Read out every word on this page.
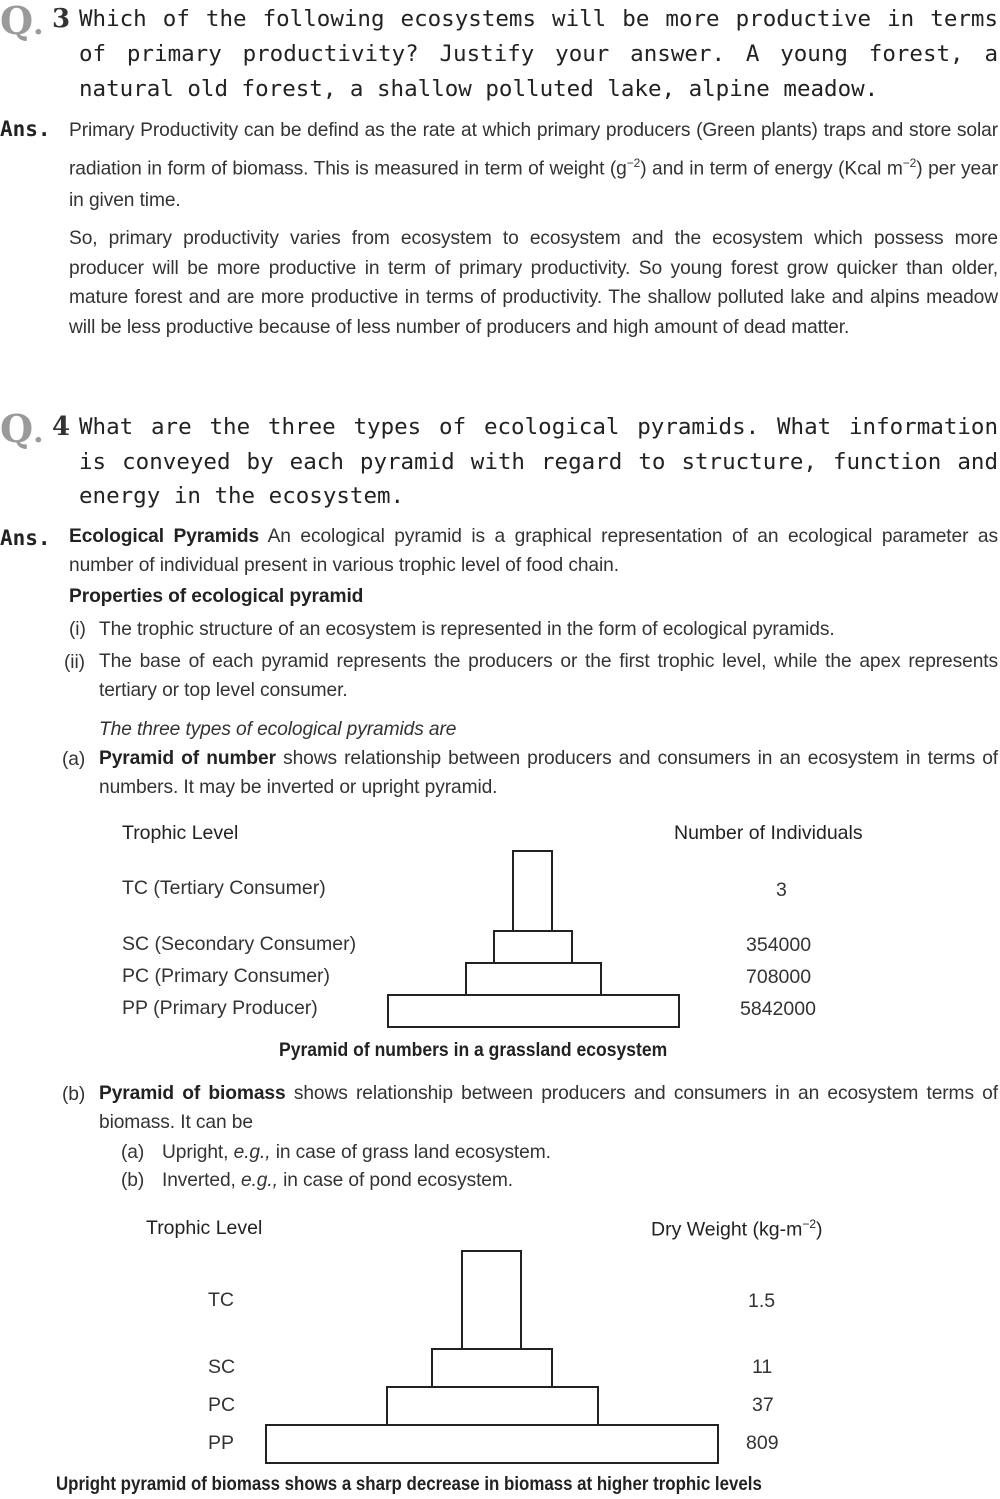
Q. 3 Which of the following ecosystems will be more productive in terms of primary productivity? Justify your answer. A young forest, a natural old forest, a shallow polluted lake, alpine meadow.
Ans. Primary Productivity can be defind as the rate at which primary producers (Green plants) traps and store solar radiation in form of biomass. This is measured in term of weight $(g^{-2})$ and in term of energy (Kcal $m^{-2}$) per year in given time.
So, primary productivity varies from ecosystem to ecosystem and the ecosystem which possess more producer will be more productive in term of primary productivity. So young forest grow quicker than older, mature forest and are more productive in terms of productivity. The shallow polluted lake and alpins meadow will be less productive because of less number of producers and high amount of dead matter.
Q. 4 What are the three types of ecological pyramids. What information is conveyed by each pyramid with regard to structure, function and energy in the ecosystem.
Ans. Ecological Pyramids An ecological pyramid is a graphical representation of an ecological parameter as number of individual present in various trophic level of food chain.
Properties of ecological pyramid
(i) The trophic structure of an ecosystem is represented in the form of ecological pyramids.
(ii) The base of each pyramid represents the producers or the first trophic level, while the apex represents tertiary or top level consumer.
The three types of ecological pyramids are
(a) Pyramid of number shows relationship between producers and consumers in an ecosystem in terms of numbers. It may be inverted or upright pyramid.
Trophic Level	Number of Individuals
TC (Tertiary Consumer)
SC (Secondary Consumer)
PC (Primary Consumer)
PP (Primary Producer)
3
354000
708000
5842000
Pyramid of numbers in a grassland ecosystem
(b) Pyramid of biomass shows relationship between producers and consumers in an ecosystem terms of biomass. It can be
(a) Upright, e.g., in case of grass land ecosystem.
(b) Inverted, e.g., in case of pond ecosystem.
Trophic Level	Dry Weight $(kg-m^{-2})$
TC
SC
PC
PP
1.5
11
37
809
Upright pyramid of biomass shows a sharp decrease in biomass at higher trophic levels
